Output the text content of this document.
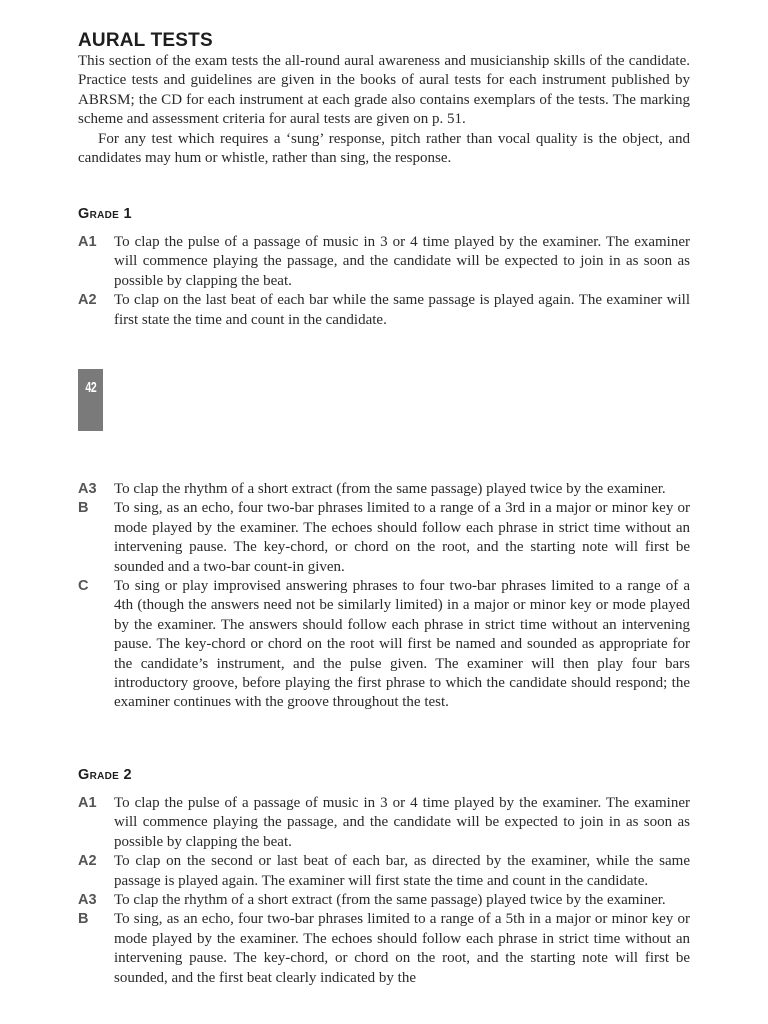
AURAL TESTS

This section of the exam tests the all-round aural awareness and musicianship skills of the candidate. Practice tests and guidelines are given in the books of aural tests for each instrument published by ABRSM; the CD for each instrument at each grade also contains exemplars of the tests. The marking scheme and assessment criteria for aural tests are given on p. 51.

For any test which requires a ‘sung’ response, pitch rather than vocal quality is the object, and candidates may hum or whistle, rather than sing, the response.

Grade 1
A1	To clap the pulse of a passage of music in 3 or 4 time played by the examiner. The examiner will commence playing the passage, and the candidate will be expected to join in as soon as possible by clapping the beat.
A2	To clap on the last beat of each bar while the same passage is played again. The examiner will first state the time and count in the candidate.
42
A3	To clap the rhythm of a short extract (from the same passage) played twice by the examiner.
B	To sing, as an echo, four two-bar phrases limited to a range of a 3rd in a major or minor key or mode played by the examiner. The echoes should follow each phrase in strict time without an intervening pause. The key-chord, or chord on the root, and the starting note will first be sounded and a two-bar count-in given.
C	To sing or play improvised answering phrases to four two-bar phrases limited to a range of a 4th (though the answers need not be similarly limited) in a major or minor key or mode played by the examiner. The answers should follow each phrase in strict time without an intervening pause. The key-chord or chord on the root will first be named and sounded as appropriate for the candidate’s instrument, and the pulse given. The examiner will then play four bars introductory groove, before playing the first phrase to which the candidate should respond; the examiner continues with the groove throughout the test.
Grade 2
A1	To clap the pulse of a passage of music in 3 or 4 time played by the examiner. The examiner will commence playing the passage, and the candidate will be expected to join in as soon as possible by clapping the beat.
A2	To clap on the second or last beat of each bar, as directed by the examiner, while the same passage is played again. The examiner will first state the time and count in the candidate.
A3	To clap the rhythm of a short extract (from the same passage) played twice by the examiner.
B	To sing, as an echo, four two-bar phrases limited to a range of a 5th in a major or minor key or mode played by the examiner. The echoes should follow each phrase in strict time without an intervening pause. The key-chord, or chord on the root, and the starting note will first be sounded, and the first beat clearly indicated by the
